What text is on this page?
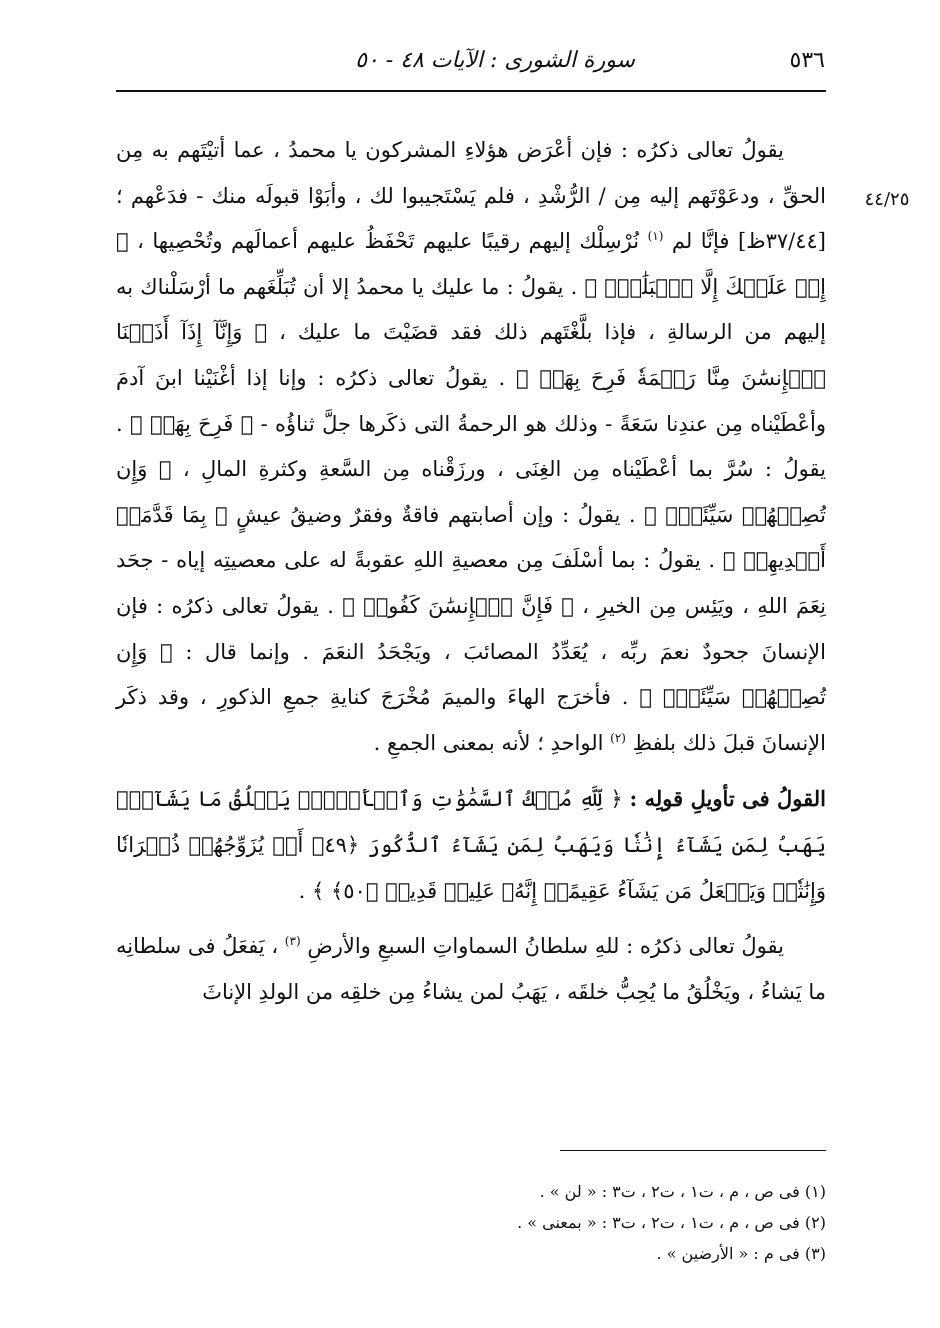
٥٣٦
سورة الشورى : الآيات ٤٨ - ٥٠
٤٤/٢٥

يقولُ تعالى ذكرُه : فإن أعْرَض هؤلاءِ المشركون يا محمدُ ، عما أتيْتَهم به مِن الحقِّ ، ودعَوْتَهم إليه مِن / الرُّشْدِ ، فلم يَسْتَجيبوا لك ، وأبَوْا قبولَه منك - فدَعْهم ؛ [٣٧/٤٤ظ] فإنَّا لم $^{(١)}$ نُرْسِلْك إليهم رقيبًا عليهم تَحْفَظُ عليهم أعمالَهم وتُحْصِيها ، ﴿ إِنۡ عَلَيۡكَ إِلَّا ٱلۡبَلَٰغُۗ ﴾ . يقولُ : ما عليك يا محمدُ إلا أن تُبَلِّغَهم ما أرْسَلْناك به إليهم من الرسالةِ ، فإذا بلَّغْتَهم ذلك فقد قضَيْتَ ما عليك ، ﴿ وَإِنَّآ إِذَآ أَذَقۡنَا ٱلۡإِنسَٰنَ مِنَّا رَحۡمَةٗ فَرِحَ بِهَاۖ ﴾ . يقولُ تعالى ذكرُه : وإنا إذا أغْنَيْنا ابنَ آدمَ وأعْطَيْناه مِن عندِنا سَعَةً - وذلك هو الرحمةُ التى ذكَرها جلَّ ثناؤُه - ﴿ فَرِحَ بِهَاۖ ﴾ . يقولُ : سُرَّ بما أعْطَيْناه مِن الغِنَى ، ورزَقْناه مِن السَّعةِ وكثرةِ المالِ ، ﴿ وَإِن تُصِبۡهُمۡ سَيِّئَةُۢ ﴾ . يقولُ : وإن أصابتهم فاقةٌ وفقرٌ وضيقُ عيشٍ ﴿ بِمَا قَدَّمَتۡ أَيۡدِيهِمۡ ﴾ . يقولُ : بما أسْلَفَ مِن معصيةِ اللهِ عقوبةً له على معصيتِه إياه - جحَد نِعَمَ اللهِ ، ويَئِس مِن الخيرِ ، ﴿ فَإِنَّ ٱلۡإِنسَٰنَ كَفُورٞ ﴾ . يقولُ تعالى ذكرُه : فإن الإنسانَ جحودٌ نعمَ ربِّه ، يُعَدِّدُ المصائبَ ، ويَجْحَدُ النعَمَ . وإنما قال : ﴿ وَإِن تُصِبۡهُمۡ سَيِّئَةُۢ ﴾ . فأخرَج الهاءَ والميمَ مُخْرَجَ كنايةِ جمعِ الذكورِ ، وقد ذكَر الإنسانَ قبلَ ذلك بلفظِ $^{(٢)}$ الواحدِ ؛ لأنه بمعنى الجمعِ .

القولُ فى تأويلِ قولِه : ﴿ لِّلَّهِ مُلۡكُ ٱلسَّمَٰوَٰتِ وَٱلۡأَرۡضِۚ يَخۡلُقُ مَا يَشَآءُۚ يَهَبُ لِمَن يَشَآءُ إِنَٰثٗا وَيَهَبُ لِمَن يَشَآءُ ٱلذُّكُورَ ﴿٤٩﴾ أَوۡ يُزَوِّجُهُمۡ ذُكۡرَانٗا وَإِنَٰثٗاۖ وَيَجۡعَلُ مَن يَشَآءُ عَقِيمًاۚ إِنَّهُۥ عَلِيمٞ قَدِيرٞ ﴿٥٠﴾ ﴾ .

يقولُ تعالى ذكرُه : للهِ سلطانُ السماواتِ السبعِ والأرضِ $^{(٣)}$ ، يَفعَلُ فى سلطانِه ما يَشاءُ ، ويَخْلُقُ ما يُحِبُّ خلقَه ، يَهَبُ لمن يشاءُ مِن خلقِه من الولدِ الإناثَ

(١) فى ص ، م ، ت١ ، ت٢ ، ت٣ : « لن » .

(٢) فى ص ، م ، ت١ ، ت٢ ، ت٣ : « بمعنى » .

(٣) فى م : « الأرضين » .
